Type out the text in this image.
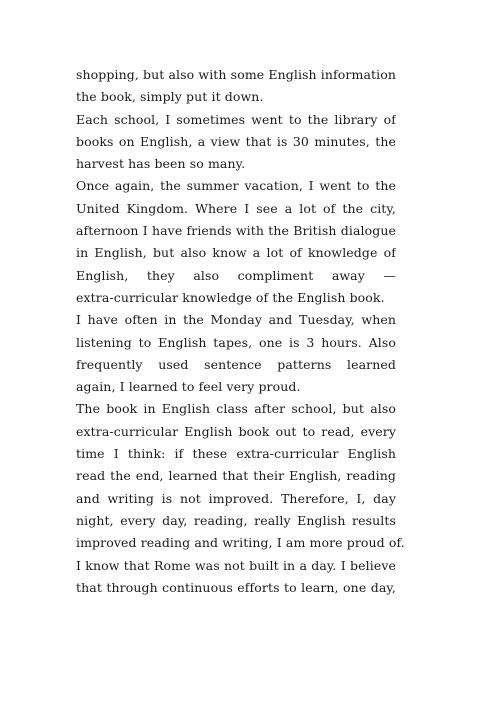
shopping, but also with some English information
the book, simply put it down.
Each school, I sometimes went to the library of
books on English, a view that is 30 minutes, the
harvest has been so many.
Once again, the summer vacation, I went to the
United Kingdom. Where I see a lot of the city,
afternoon I have friends with the British dialogue
in English, but also know a lot of knowledge of
English, they also compliment away —
extra-curricular knowledge of the English book.
I have often in the Monday and Tuesday, when
listening to English tapes, one is 3 hours. Also
frequently used sentence patterns learned
again, I learned to feel very proud.
The book in English class after school, but also
extra-curricular English book out to read, every
time I think: if these extra-curricular English
read the end, learned that their English, reading
and writing is not improved. Therefore, I, day
night, every day, reading, really English results
improved reading and writing, I am more proud of.
I know that Rome was not built in a day. I believe
that through continuous efforts to learn, one day,
